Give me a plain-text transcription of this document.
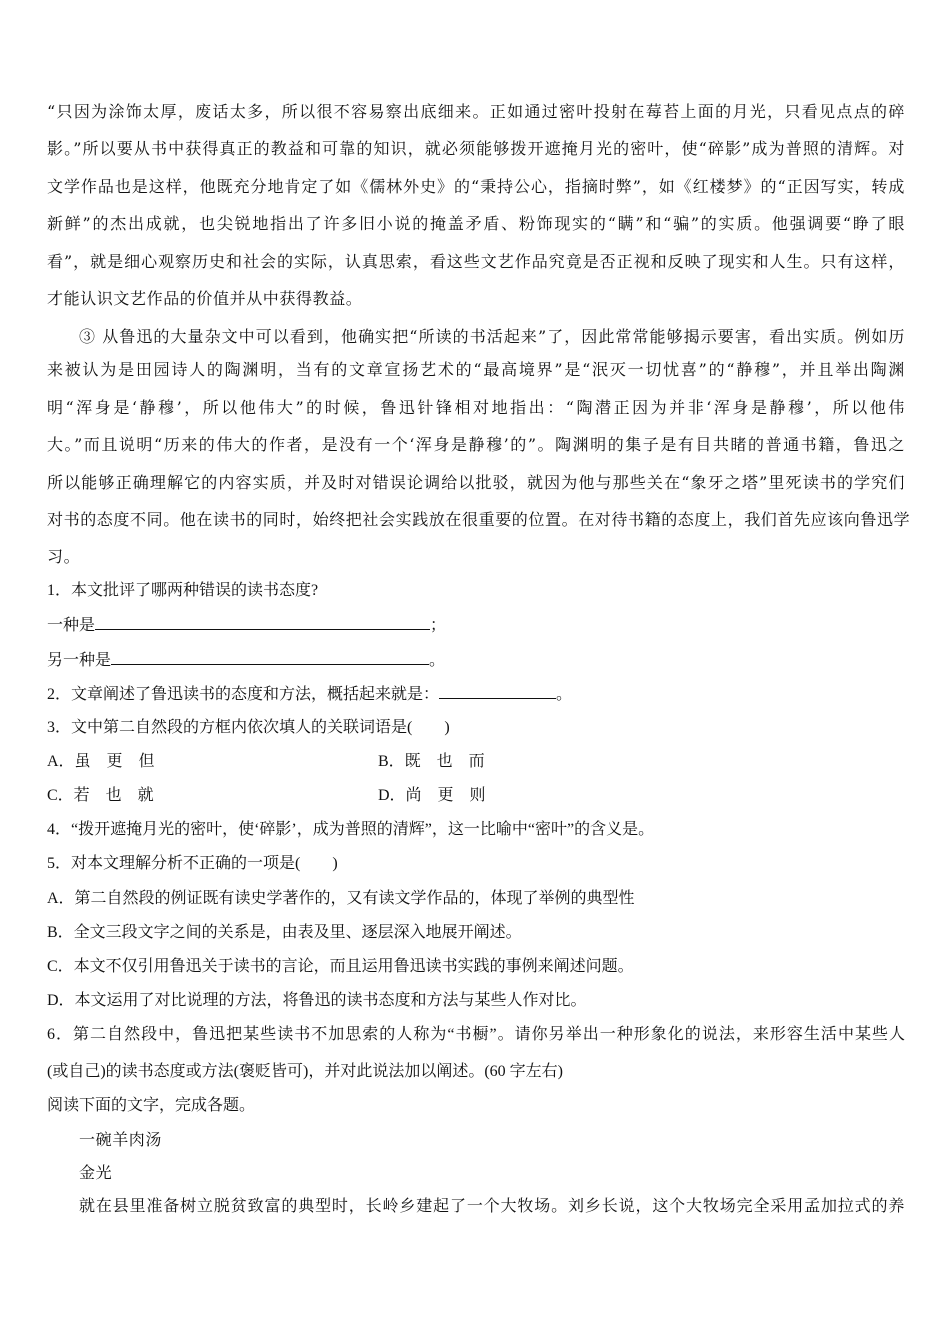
“只因为涂饰太厚，废话太多，所以很不容易察出底细来。正如通过密叶投射在莓苔上面的月光，只看见点点的碎
影。”所以要从书中获得真正的教益和可靠的知识，就必须能够拨开遮掩月光的密叶，使“碎影”成为普照的清辉。对
文学作品也是这样，他既充分地肯定了如《儒林外史》的“秉持公心，指摘时弊”，如《红楼梦》的“正因写实，转成
新鲜”的杰出成就，也尖锐地指出了许多旧小说的掩盖矛盾、粉饰现实的“瞒”和“骗”的实质。他强调要“睁了眼
看”，就是细心观察历史和社会的实际，认真思索，看这些文艺作品究竟是否正视和反映了现实和人生。只有这样，
才能认识文艺作品的价值并从中获得教益。
③ 从鲁迅的大量杂文中可以看到，他确实把“所读的书活起来”了，因此常常能够揭示要害，看出实质。例如历
来被认为是田园诗人的陶渊明，当有的文章宣扬艺术的“最高境界”是“泯灭一切忧喜”的“静穆”，并且举出陶渊
明“浑身是‘静穆’，所以他伟大”的时候，鲁迅针锋相对地指出：“陶潜正因为并非‘浑身是静穆’，所以他伟
大。”而且说明“历来的伟大的作者，是没有一个‘浑身是静穆’的”。陶渊明的集子是有目共睹的普通书籍，鲁迅之
所以能够正确理解它的内容实质，并及时对错误论调给以批驳，就因为他与那些关在“象牙之塔”里死读书的学究们
对书的态度不同。他在读书的同时，始终把社会实践放在很重要的位置。在对待书籍的态度上，我们首先应该向鲁迅学
习。
1．本文批评了哪两种错误的读书态度?
一种是	；
另一种是	。
2．文章阐述了鲁迅读书的态度和方法，概括起来就是：	。
3．文中第二自然段的方框内依次填人的关联词语是(　　)
A．虽　更　但	B．既　也　而
C．若　也　就	D．尚　更　则
4．“拨开遮掩月光的密叶，使‘碎影’，成为普照的清辉”，这一比喻中“密叶”的含义是。
5．对本文理解分析不正确的一项是(　　)
A．第二自然段的例证既有读史学著作的，又有读文学作品的，体现了举例的典型性
B．全文三段文字之间的关系是，由表及里、逐层深入地展开阐述。
C．本文不仅引用鲁迅关于读书的言论，而且运用鲁迅读书实践的事例来阐述问题。
D．本文运用了对比说理的方法，将鲁迅的读书态度和方法与某些人作对比。
6．第二自然段中，鲁迅把某些读书不加思索的人称为“书橱”。请你另举出一种形象化的说法，来形容生活中某些人
(或自己)的读书态度或方法(褒贬皆可)，并对此说法加以阐述。(60 字左右)
阅读下面的文字，完成各题。
一碗羊肉汤
金光
就在县里准备树立脱贫致富的典型时，长岭乡建起了一个大牧场。刘乡长说，这个大牧场完全采用孟加拉式的养
